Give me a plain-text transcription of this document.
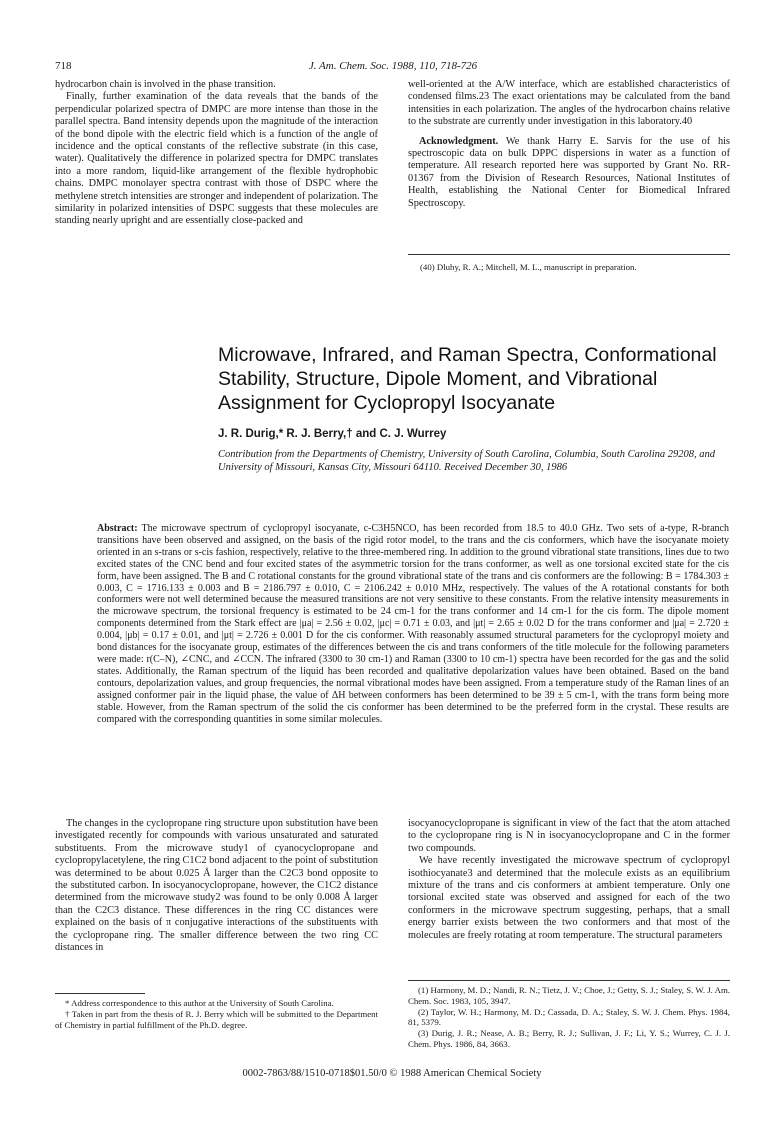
718	J. Am. Chem. Soc. 1988, 110, 718-726

hydrocarbon chain is involved in the phase transition.

Finally, further examination of the data reveals that the bands of the perpendicular polarized spectra of DMPC are more intense than those in the parallel spectra. Band intensity depends upon the magnitude of the interaction of the bond dipole with the electric field which is a function of the angle of incidence and the optical constants of the reflective substrate (in this case, water). Qualitatively the difference in polarized spectra for DMPC translates into a more random, liquid-like arrangement of the flexible hydrophobic chains. DMPC monolayer spectra contrast with those of DSPC where the methylene stretch intensities are stronger and independent of polarization. The similarity in polarized intensities of DSPC suggests that these molecules are standing nearly upright and are essentially close-packed and

well-oriented at the A/W interface, which are established characteristics of condensed films.23 The exact orientations may be calculated from the band intensities in each polarization. The angles of the hydrocarbon chains relative to the substrate are currently under investigation in this laboratory.40

Acknowledgment. We thank Harry E. Sarvis for the use of his spectroscopic data on bulk DPPC dispersions in water as a function of temperature. All research reported here was supported by Grant No. RR-01367 from the Division of Research Resources, National Institutes of Health, establishing the National Center for Biomedical Infrared Spectroscopy.

(40) Dluhy, R. A.; Mitchell, M. L., manuscript in preparation.
Microwave, Infrared, and Raman Spectra, Conformational Stability, Structure, Dipole Moment, and Vibrational Assignment for Cyclopropyl Isocyanate
J. R. Durig,* R. J. Berry,† and C. J. Wurrey
Contribution from the Departments of Chemistry, University of South Carolina, Columbia, South Carolina 29208, and University of Missouri, Kansas City, Missouri 64110. Received December 30, 1986
Abstract: The microwave spectrum of cyclopropyl isocyanate, c-C3H5NCO, has been recorded from 18.5 to 40.0 GHz. Two sets of a-type, R-branch transitions have been observed and assigned, on the basis of the rigid rotor model, to the trans and the cis conformers, which have the isocyanate moiety oriented in an s-trans or s-cis fashion, respectively, relative to the three-membered ring. In addition to the ground vibrational state transitions, lines due to two excited states of the CNC bend and four excited states of the asymmetric torsion for the trans conformer, as well as one torsional excited state for the cis form, have been assigned. The B and C rotational constants for the ground vibrational state of the trans and cis conformers are the following: B = 1784.303 ± 0.003, C = 1716.133 ± 0.003 and B = 2186.797 ± 0.010, C = 2106.242 ± 0.010 MHz, respectively. The values of the A rotational constants for both conformers were not well determined because the measured transitions are not very sensitive to these constants. From the relative intensity measurements in the microwave spectrum, the torsional frequency is estimated to be 24 cm-1 for the trans conformer and 14 cm-1 for the cis form. The dipole moment components determined from the Stark effect are |μa| = 2.56 ± 0.02, |μc| = 0.71 ± 0.03, and |μt| = 2.65 ± 0.02 D for the trans conformer and |μa| = 2.720 ± 0.004, |μb| = 0.17 ± 0.01, and |μt| = 2.726 ± 0.001 D for the cis conformer. With reasonably assumed structural parameters for the cyclopropyl moiety and bond distances for the isocyanate group, estimates of the differences between the cis and trans conformers of the title molecule for the following parameters were made: r(C–N), ∠CNC, and ∠CCN. The infrared (3300 to 30 cm-1) and Raman (3300 to 10 cm-1) spectra have been recorded for the gas and the solid states. Additionally, the Raman spectrum of the liquid has been recorded and qualitative depolarization values have been obtained. Based on the band contours, depolarization values, and group frequencies, the normal vibrational modes have been assigned. From a temperature study of the Raman lines of an assigned conformer pair in the liquid phase, the value of ΔH between conformers has been determined to be 39 ± 5 cm-1, with the trans form being more stable. However, from the Raman spectrum of the solid the cis conformer has been determined to be the preferred form in the crystal. These results are compared with the corresponding quantities in some similar molecules.

The changes in the cyclopropane ring structure upon substitution have been investigated recently for compounds with various unsaturated and saturated substituents. From the microwave study1 of cyanocyclopropane and cyclopropylacetylene, the ring C1C2 bond adjacent to the point of substitution was determined to be about 0.025 Å larger than the C2C3 bond opposite to the substituted carbon. In isocyanocyclopropane, however, the C1C2 distance determined from the microwave study2 was found to be only 0.008 Å larger than the C2C3 distance. These differences in the ring CC distances were explained on the basis of π conjugative interactions of the substituents with the cyclopropane ring. The smaller difference between the two ring CC distances in

* Address correspondence to this author at the University of South Carolina.
† Taken in part from the thesis of R. J. Berry which will be submitted to the Department of Chemistry in partial fulfillment of the Ph.D. degree.

isocyanocyclopropane is significant in view of the fact that the atom attached to the cyclopropane ring is N in isocyanocyclopropane and C in the former two compounds.

We have recently investigated the microwave spectrum of cyclopropyl isothiocyanate3 and determined that the molecule exists as an equilibrium mixture of the trans and cis conformers at ambient temperature. Only one torsional excited state was observed and assigned for each of the two conformers in the microwave spectrum suggesting, perhaps, that a small energy barrier exists between the two conformers and that most of the molecules are freely rotating at room temperature. The structural parameters

(1) Harmony, M. D.; Nandi, R. N.; Tietz, J. V.; Choe, J.; Getty, S. J.; Staley, S. W. J. Am. Chem. Soc. 1983, 105, 3947.
(2) Taylor, W. H.; Harmony, M. D.; Cassada, D. A.; Staley, S. W. J. Chem. Phys. 1984, 81, 5379.
(3) Durig, J. R.; Nease, A. B.; Berry, R. J.; Sullivan, J. F.; Li, Y. S.; Wurrey, C. J. J. Chem. Phys. 1986, 84, 3663.
0002-7863/88/1510-0718$01.50/0 © 1988 American Chemical Society
